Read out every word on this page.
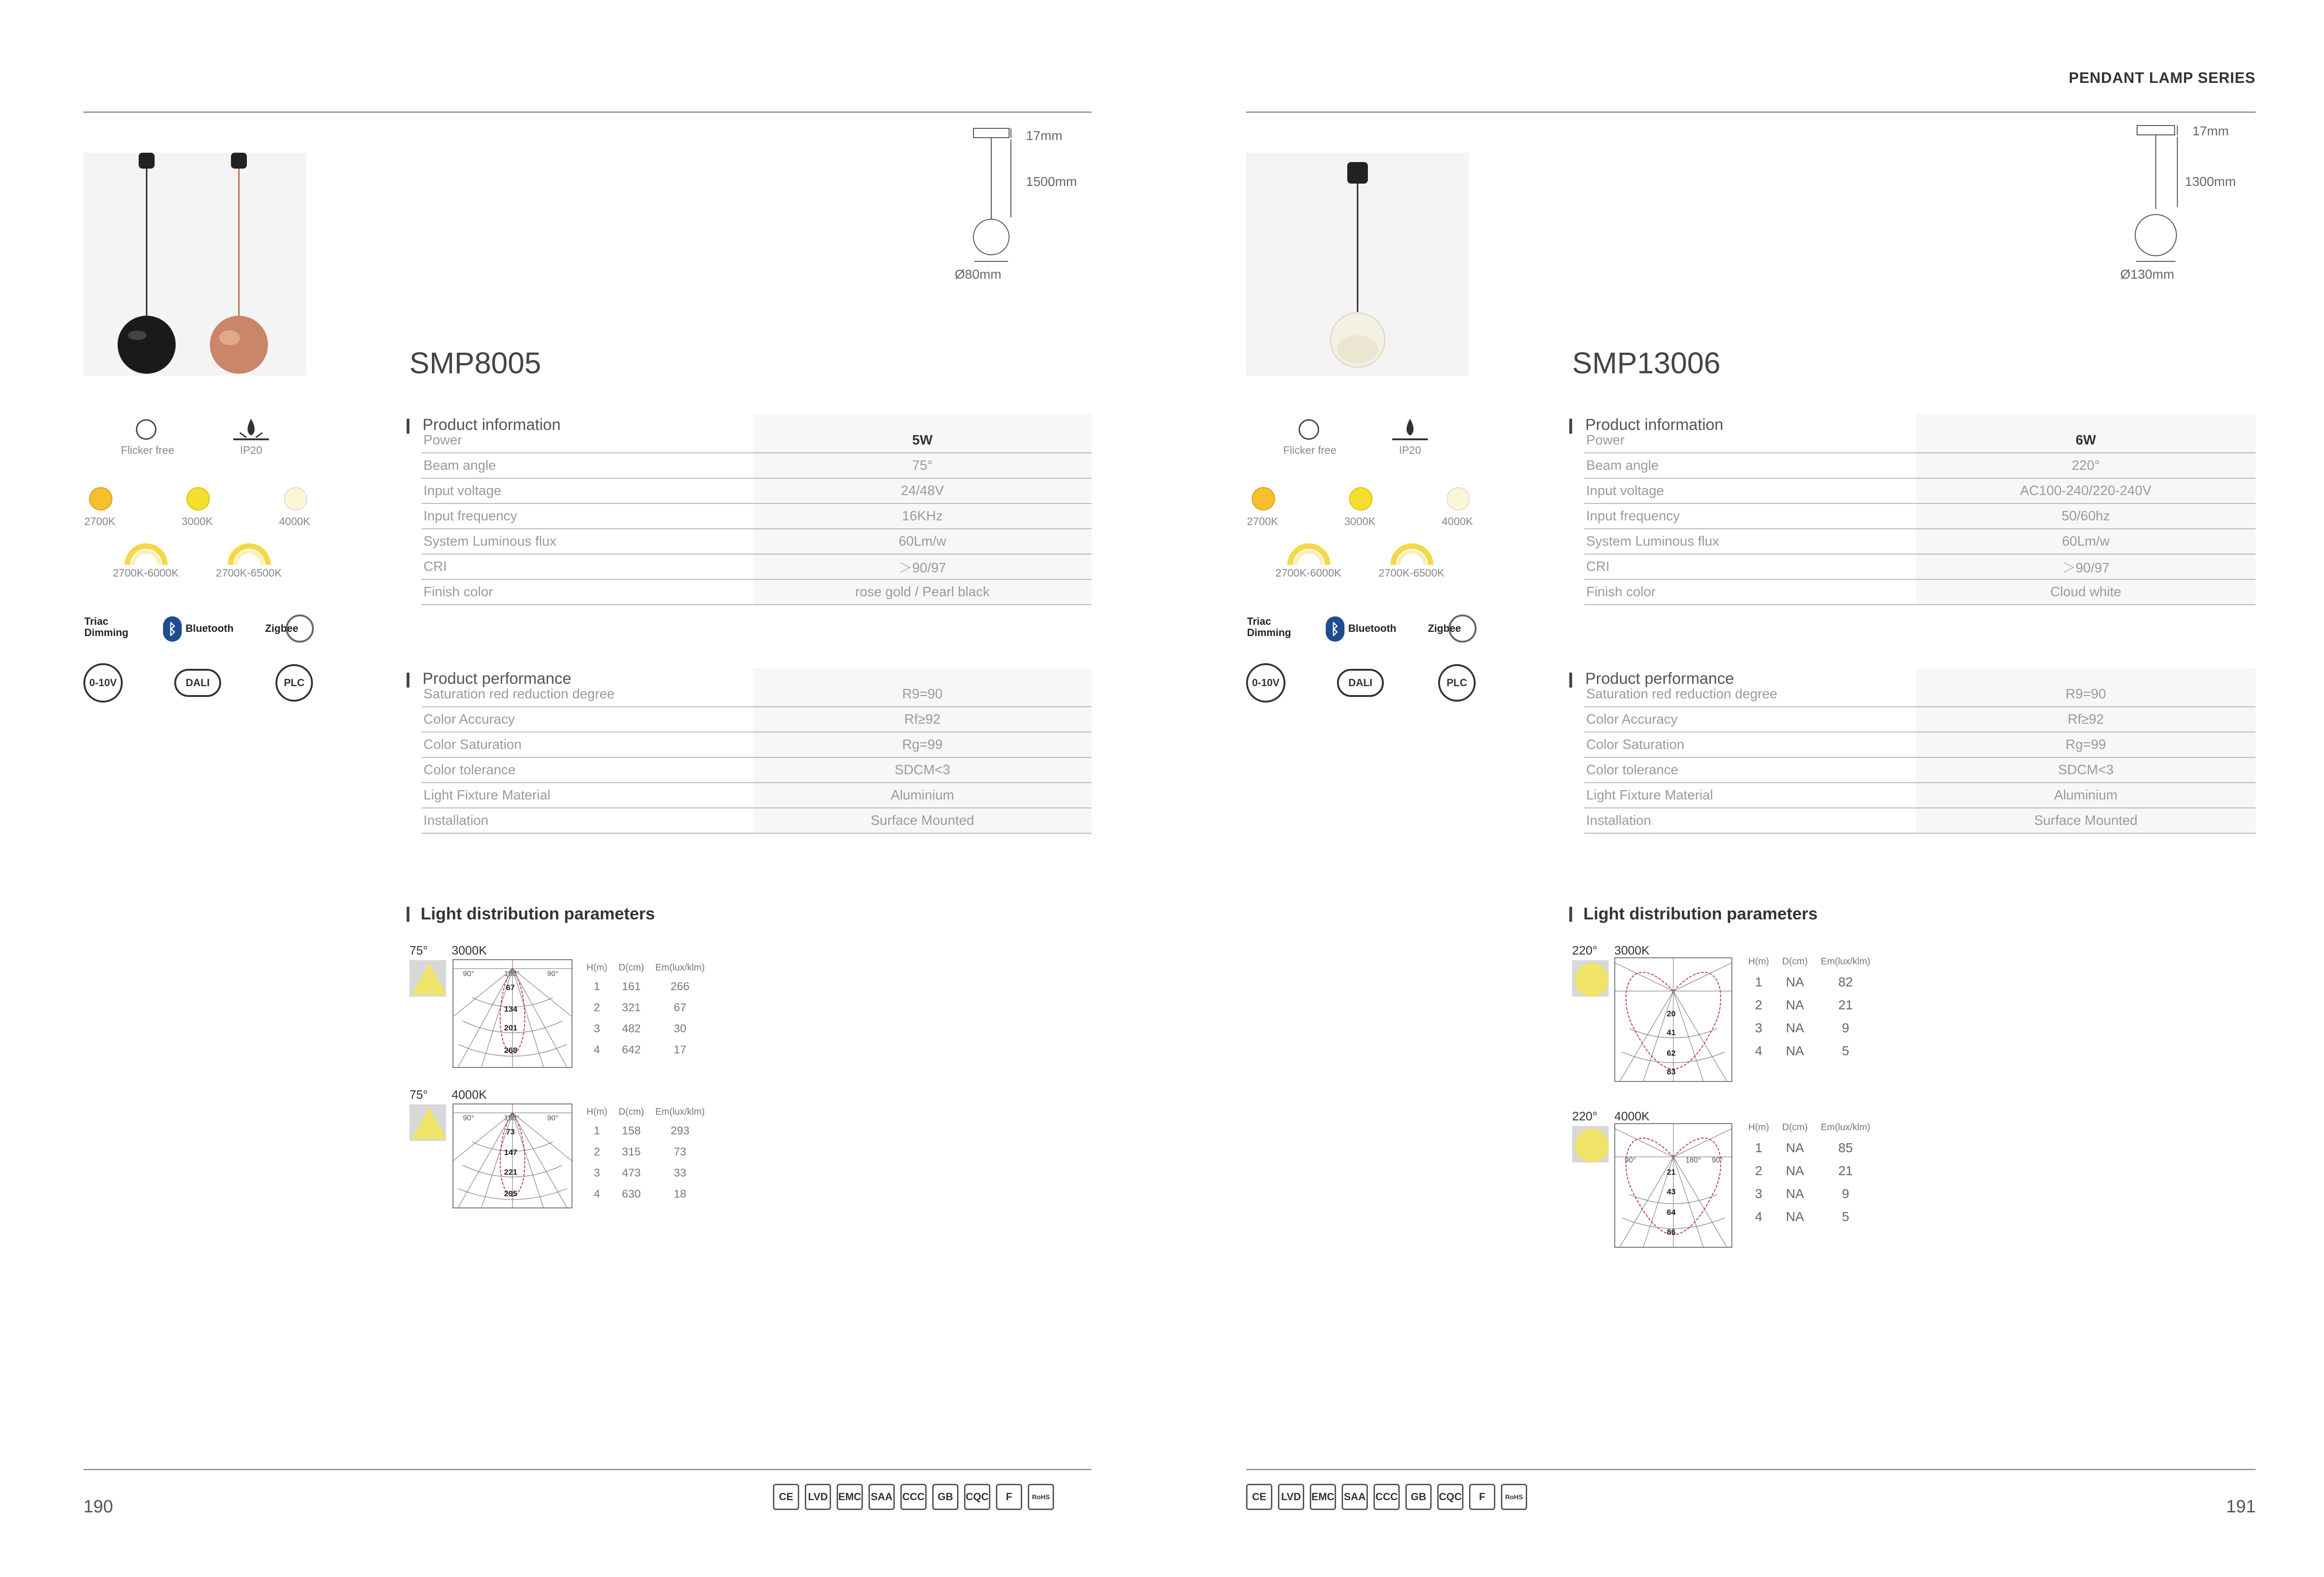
PENDANT LAMP SERIES
17mm
1500mm
Ø80mm
SMP8005
Flicker free	IP20
2700K	3000K	4000K
2700K-6000K	2700K-6500K
Triac Dimming	ᛒ Bluetooth	Zigbee
0-10V	DALI	PLC
Product information

Power	5W
Beam angle	75°
Input voltage	24/48V
Input frequency	16KHz
System Luminous flux	60Lm/w
CRI	＞90/97
Finish color	rose gold / Pearl black
Product performance

Saturation red reduction degree	R9=90
Color Accuracy	Rf≥92
Color Saturation	Rg=99
Color tolerance	SDCM<3
Light Fixture Material	Aluminium
Installation	Surface Mounted
Light distribution parameters
75° 3000K
90°	180°	90°
67
134
201
268
H(m)	D(cm)	Em(lux/klm)
1	161	266
2	321	67
3	482	30
4	642	17
75° 4000K
90°	180°	90°
73
147
221
295
H(m)	D(cm)	Em(lux/klm)
1	158	293
2	315	73
3	473	33
4	630	18
190
CE	LVD	EMC SAA CCC	GB	CQC	F	RoHS
17mm
1300mm
Ø130mm
SMP13006
Flicker free	IP20
2700K	3000K	4000K
2700K-6000K	2700K-6500K
Triac Dimming	ᛒ Bluetooth	Zigbee
0-10V	DALI	PLC
Product information

Power	6W
Beam angle	220°
Input voltage	AC100-240/220-240V
Input frequency	50/60hz
System Luminous flux	60Lm/w
CRI	＞90/97
Finish color	Cloud white
Product performance

Saturation red reduction degree	R9=90
Color Accuracy	Rf≥92
Color Saturation	Rg=99
Color tolerance	SDCM<3
Light Fixture Material	Aluminium
Installation	Surface Mounted
Light distribution parameters
220° 3000K
20
41
62
83
H(m)	D(cm)	Em(lux/klm)
1	NA	82
2	NA	21
3	NA	9
4	NA	5
220° 4000K
90°	180° 90°
21
43
64
86
H(m)	D(cm)	Em(lux/klm)
1	NA	85
2	NA	21
3	NA	9
4	NA	5
191
CE	LVD	EMC SAA CCC	GB	CQC	F	RoHS
